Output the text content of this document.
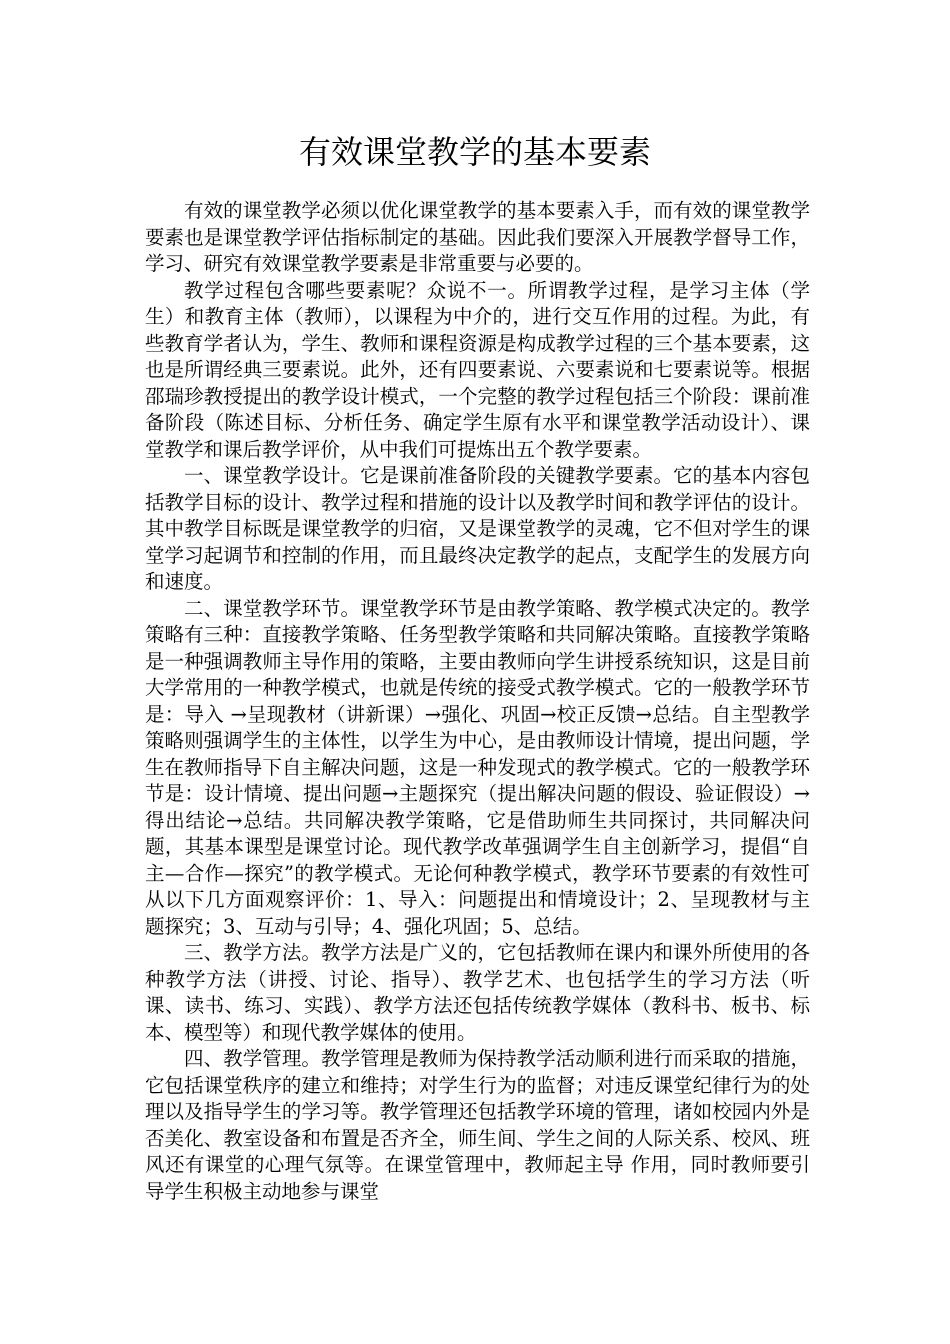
有效课堂教学的基本要素

有效的课堂教学必须以优化课堂教学的基本要素入手，而有效的课堂教学要素也是课堂教学评估指标制定的基础。因此我们要深入开展教学督导工作，学习、研究有效课堂教学要素是非常重要与必要的。

教学过程包含哪些要素呢？众说不一。所谓教学过程，是学习主体（学生）和教育主体（教师），以课程为中介的，进行交互作用的过程。为此，有些教育学者认为，学生、教师和课程资源是构成教学过程的三个基本要素，这也是所谓经典三要素说。此外，还有四要素说、六要素说和七要素说等。根据邵瑞珍教授提出的教学设计模式，一个完整的教学过程包括三个阶段：课前准备阶段（陈述目标、分析任务、确定学生原有水平和课堂教学活动设计）、课堂教学和课后教学评价，从中我们可提炼出五个教学要素。

一、课堂教学设计。它是课前准备阶段的关键教学要素。它的基本内容包括教学目标的设计、教学过程和措施的设计以及教学时间和教学评估的设计。其中教学目标既是课堂教学的归宿，又是课堂教学的灵魂，它不但对学生的课堂学习起调节和控制的作用，而且最终决定教学的起点，支配学生的发展方向和速度。

二、课堂教学环节。课堂教学环节是由教学策略、教学模式决定的。教学策略有三种：直接教学策略、任务型教学策略和共同解决策略。直接教学策略是一种强调教师主导作用的策略，主要由教师向学生讲授系统知识，这是目前大学常用的一种教学模式，也就是传统的接受式教学模式。它的一般教学环节是：导入 →呈现教材（讲新课）→强化、巩固→校正反馈→总结。自主型教学策略则强调学生的主体性，以学生为中心，是由教师设计情境，提出问题，学生在教师指导下自主解决问题，这是一种发现式的教学模式。它的一般教学环节是：设计情境、提出问题→主题探究（提出解决问题的假设、验证假设）→得出结论→总结。共同解决教学策略，它是借助师生共同探讨，共同解决问题，其基本课型是课堂讨论。现代教学改革强调学生自主创新学习，提倡“自主—合作—探究”的教学模式。无论何种教学模式，教学环节要素的有效性可从以下几方面观察评价：1、导入：问题提出和情境设计；2、呈现教材与主题探究；3、互动与引导；4、强化巩固；5、总结。

三、教学方法。教学方法是广义的，它包括教师在课内和课外所使用的各种教学方法（讲授、讨论、指导）、教学艺术、也包括学生的学习方法（听课、读书、练习、实践）、教学方法还包括传统教学媒体（教科书、板书、标本、模型等）和现代教学媒体的使用。

四、教学管理。教学管理是教师为保持教学活动顺利进行而采取的措施，它包括课堂秩序的建立和维持；对学生行为的监督；对违反课堂纪律行为的处理以及指导学生的学习等。教学管理还包括教学环境的管理，诸如校园内外是否美化、教室设备和布置是否齐全，师生间、学生之间的人际关系、校风、班风还有课堂的心理气氛等。在课堂管理中，教师起主导 作用，同时教师要引导学生积极主动地参与课堂
